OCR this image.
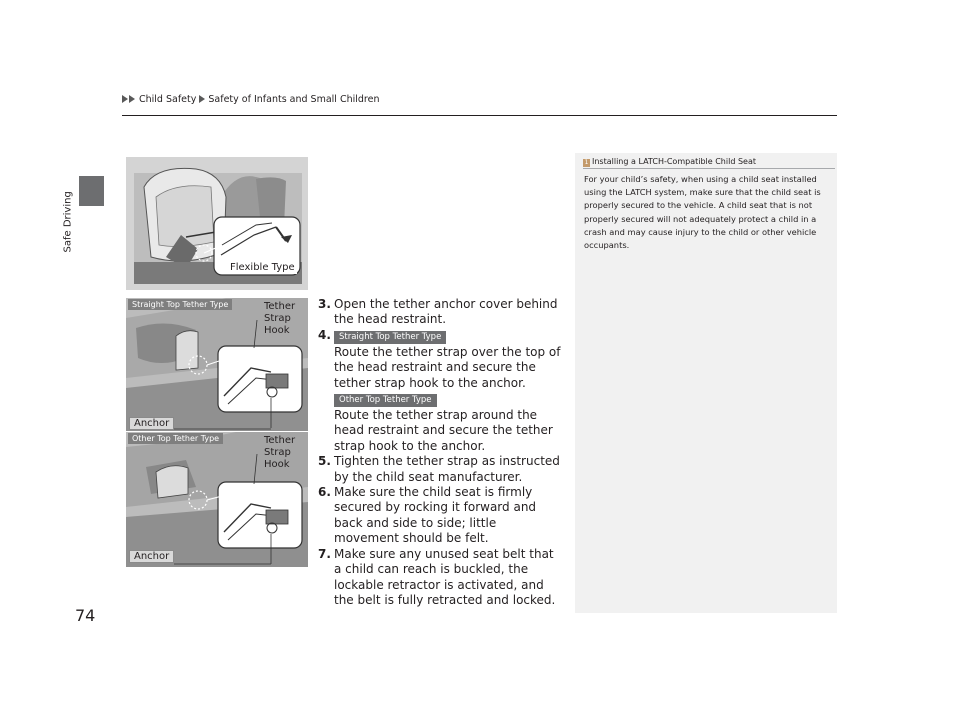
Child Safety Safety of Infants and Small Children
Safe Driving
74
Flexible Type
Straight Top Tether Type	Tether
Strap
Hook
Anchor
Other Top Tether Type	Tether
Strap
Hook
Anchor
3. Open the tether anchor cover behind the head restraint.
4. Straight Top Tether Type
Route the tether strap over the top of the head restraint and secure the tether strap hook to the anchor.
Other Top Tether Type
Route the tether strap around the head restraint and secure the tether strap hook to the anchor.
5. Tighten the tether strap as instructed by the child seat manufacturer.
6. Make sure the child seat is firmly secured by rocking it forward and back and side to side; little movement should be felt.
7. Make sure any unused seat belt that a child can reach is buckled, the lockable retractor is activated, and the belt is fully retracted and locked.
1 Installing a LATCH-Compatible Child Seat
For your child’s safety, when using a child seat installed using the LATCH system, make sure that the child seat is properly secured to the vehicle. A child seat that is not properly secured will not adequately protect a child in a crash and may cause injury to the child or other vehicle occupants.
